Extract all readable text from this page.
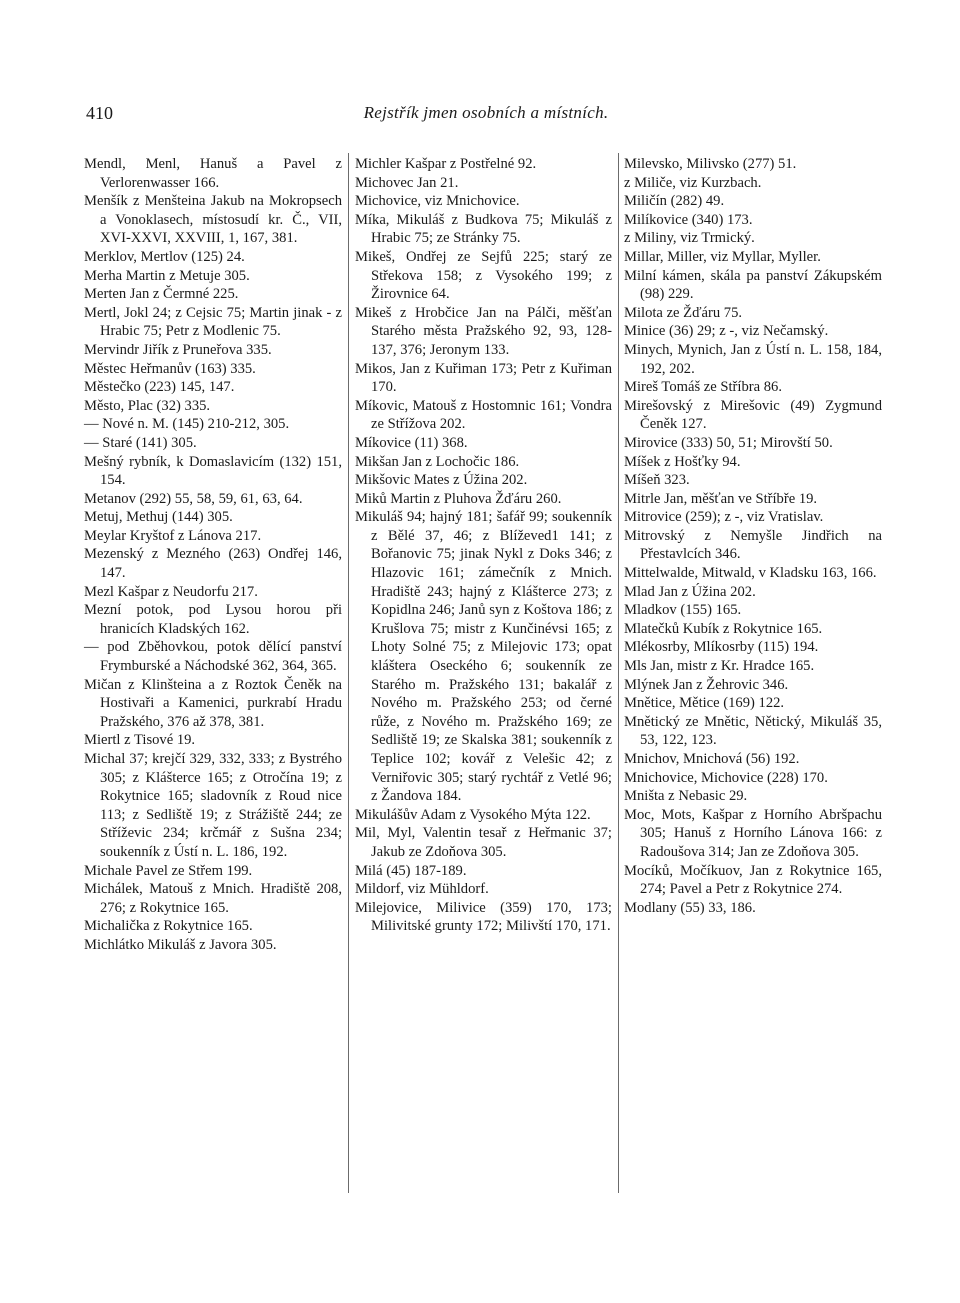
410	Rejstřík jmen osobních a místních.

Mendl, Menl, Hanuš a Pavel z Verlorenwasser 166.

Menšík z Menšteina Jakub na Mokropsech a Vonoklasech, místosudí kr. Č., VII, XVI-XXVI, XXVIII, 1, 167, 381.

Merklov, Mertlov (125) 24.

Merha Martin z Metuje 305.

Merten Jan z Čermné 225.

Mertl, Jokl 24; z Cejsic 75; Martin jinak - z Hrabic 75; Petr z Modlenic 75.

Mervindr Jiřík z Pruneřova 335.

Městec Heřmanův (163) 335.

Městečko (223) 145, 147.

Město, Plac (32) 335.

— Nové n. M. (145) 210-212, 305.

— Staré (141) 305.

Mešný rybník, k Domaslavicím (132) 151, 154.

Metanov (292) 55, 58, 59, 61, 63, 64.

Metuj, Methuj (144) 305.

Meylar Kryštof z Lánova 217.

Mezenský z Mezného (263) Ondřej 146, 147.

Mezl Kašpar z Neudorfu 217.

Mezní potok, pod Lysou horou při hranicích Kladských 162.

— pod Zběhovkou, potok dělící panství Frymburské a Náchodské 362, 364, 365.

Mičan z Klinšteina a z Roztok Čeněk na Hostivaři a Kamenici, purkrabí Hradu Pražského, 376 až 378, 381.

Miertl z Tisové 19.

Michal 37; krejčí 329, 332, 333; z Bystrého 305; z Klášterce 165; z Otročína 19; z Rokytnice 165; sladovník z Roud nice 113; z Sedliště 19; z Strážiště 244; ze Stříževic 234; krčmář z Sušna 234; soukenník z Ústí n. L. 186, 192.

Michale Pavel ze Střem 199.

Michálek, Matouš z Mnich. Hradiště 208, 276; z Rokytnice 165.

Michalička z Rokytnice 165.

Michlátko Mikuláš z Javora 305.

Michler Kašpar z Postřelné 92.

Michovec Jan 21.

Michovice, viz Mnichovice.

Míka, Mikuláš z Budkova 75; Mikuláš z Hrabic 75; ze Stránky 75.

Mikeš, Ondřej ze Sejfů 225; starý ze Střekova 158; z Vysokého 199; z Žirovnice 64.

Mikeš z Hrobčice Jan na Pálči, měšťan Starého města Pražského 92, 93, 128-137, 376; Jeronym 133.

Mikos, Jan z Kuřiman 173; Petr z Kuřiman 170.

Míkovic, Matouš z Hostomnic 161; Vondra ze Střížova 202.

Míkovice (11) 368.

Mikšan Jan z Lochočic 186.

Mikšovic Mates z Úžina 202.

Miků Martin z Pluhova Žďáru 260.

Mikuláš 94; hajný 181; šafář 99; soukenník z Bělé 37, 46; z Blíževed1 141; z Bořanovic 75; jinak Nykl z Doks 346; z Hlazovic 161; zámečník z Mnich. Hradiště 243; hajný z Klášterce 273; z Kopidlna 246; Janů syn z Koštova 186; z Krušlova 75; mistr z Kunčinévsi 165; z Lhoty Solné 75; z Milejovic 173; opat kláštera Oseckého 6; soukenník ze Starého m. Pražského 131; bakalář z Nového m. Pražského 253; od černé růže, z Nového m. Pražského 169; ze Sedliště 19; ze Skalska 381; soukenník z Teplice 102; kovář z Velešic 42; z Verniřovic 305; starý rychtář z Vetlé 96; z Žandova 184.

Mikulášův Adam z Vysokého Mýta 122.

Mil, Myl, Valentin tesař z Heřmanic 37; Jakub ze Zdoňova 305.

Milá (45) 187-189.

Mildorf, viz Mühldorf.

Milejovice, Milivice (359) 170, 173; Milivitské grunty 172; Milivští 170, 171.

Milevsko, Milivsko (277) 51.

z Miliče, viz Kurzbach.

Miličín (282) 49.

Milíkovice (340) 173.

z Miliny, viz Trmický.

Millar, Miller, viz Myllar, Myller.

Milní kámen, skála pa panství Zákupském (98) 229.

Milota ze Žďáru 75.

Minice (36) 29; z -, viz Nečamský.

Minych, Mynich, Jan z Ústí n. L. 158, 184, 192, 202.

Mireš Tomáš ze Stříbra 86.

Mirešovský z Mirešovic (49) Zygmund Čeněk 127.

Mirovice (333) 50, 51; Mirovští 50.

Míšek z Hošťky 94.

Míšeň 323.

Mitrle Jan, měšťan ve Stříbře 19.

Mitrovice (259); z -, viz Vratislav.

Mitrovský z Nemyšle Jindřich na Přestavlcích 346.

Mittelwalde, Mitwald, v Kladsku 163, 166.

Mlad Jan z Úžina 202.

Mladkov (155) 165.

Mlatečků Kubík z Rokytnice 165.

Mlékosrby, Mlíkosrby (115) 194.

Mls Jan, mistr z Kr. Hradce 165.

Mlýnek Jan z Žehrovic 346.

Mnětice, Mětice (169) 122.

Mnětický ze Mnětic, Nětický, Mikuláš 35, 53, 122, 123.

Mnichov, Mnichová (56) 192.

Mnichovice, Michovice (228) 170.

Mništa z Nebasic 29.

Moc, Mots, Kašpar z Horního Abršpachu 305; Hanuš z Horního Lánova 166: z Radoušova 314; Jan ze Zdoňova 305.

Mocíků, Močíkuov, Jan z Rokytnice 165, 274; Pavel a Petr z Rokytnice 274.

Modlany (55) 33, 186.
